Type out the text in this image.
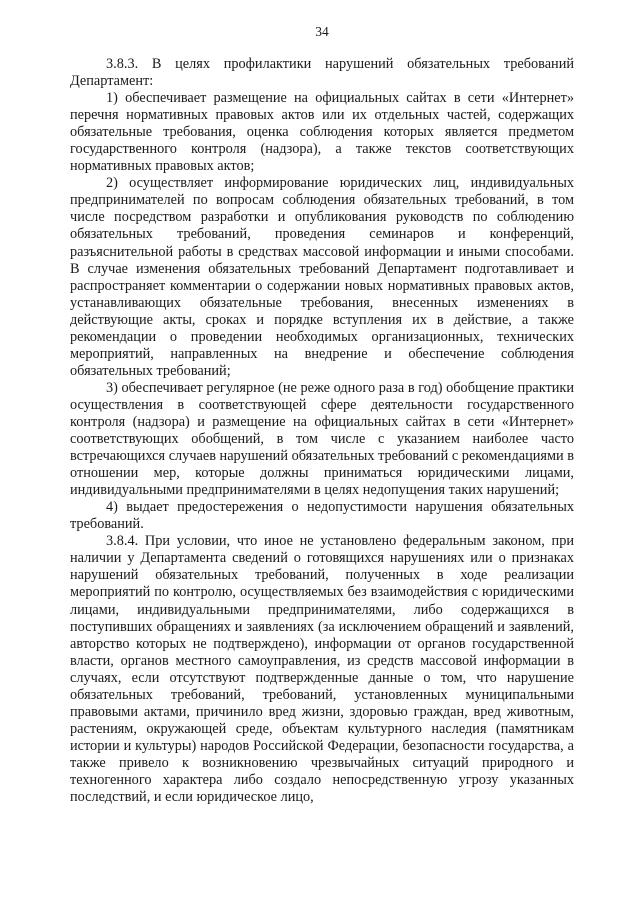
34

3.8.3. В целях профилактики нарушений обязательных требований Департамент:

1) обеспечивает размещение на официальных сайтах в сети «Интернет» перечня нормативных правовых актов или их отдельных частей, содержащих обязательные требования, оценка соблюдения которых является предметом государственного контроля (надзора), а также текстов соответствующих нормативных правовых актов;

2) осуществляет информирование юридических лиц, индивидуальных предпринимателей по вопросам соблюдения обязательных требований, в том числе посредством разработки и опубликования руководств по соблюдению обязательных требований, проведения семинаров и конференций, разъяснительной работы в средствах массовой информации и иными способами. В случае изменения обязательных требований Департамент подготавливает и распространяет комментарии о содержании новых нормативных правовых актов, устанавливающих обязательные требования, внесенных изменениях в действующие акты, сроках и порядке вступления их в действие, а также рекомендации о проведении необходимых организационных, технических мероприятий, направленных на внедрение и обеспечение соблюдения обязательных требований;

3) обеспечивает регулярное (не реже одного раза в год) обобщение практики осуществления в соответствующей сфере деятельности государственного контроля (надзора) и размещение на официальных сайтах в сети «Интернет» соответствующих обобщений, в том числе с указанием наиболее часто встречающихся случаев нарушений обязательных требований с рекомендациями в отношении мер, которые должны приниматься юридическими лицами, индивидуальными предпринимателями в целях недопущения таких нарушений;

4) выдает предостережения о недопустимости нарушения обязательных требований.

3.8.4. При условии, что иное не установлено федеральным законом, при наличии у Департамента сведений о готовящихся нарушениях или о признаках нарушений обязательных требований, полученных в ходе реализации мероприятий по контролю, осуществляемых без взаимодействия с юридическими лицами, индивидуальными предпринимателями, либо содержащихся в поступивших обращениях и заявлениях (за исключением обращений и заявлений, авторство которых не подтверждено), информации от органов государственной власти, органов местного самоуправления, из средств массовой информации в случаях, если отсутствуют подтвержденные данные о том, что нарушение обязательных требований, требований, установленных муниципальными правовыми актами, причинило вред жизни, здоровью граждан, вред животным, растениям, окружающей среде, объектам культурного наследия (памятникам истории и культуры) народов Российской Федерации, безопасности государства, а также привело к возникновению чрезвычайных ситуаций природного и техногенного характера либо создало непосредственную угрозу указанных последствий, и если юридическое лицо,
